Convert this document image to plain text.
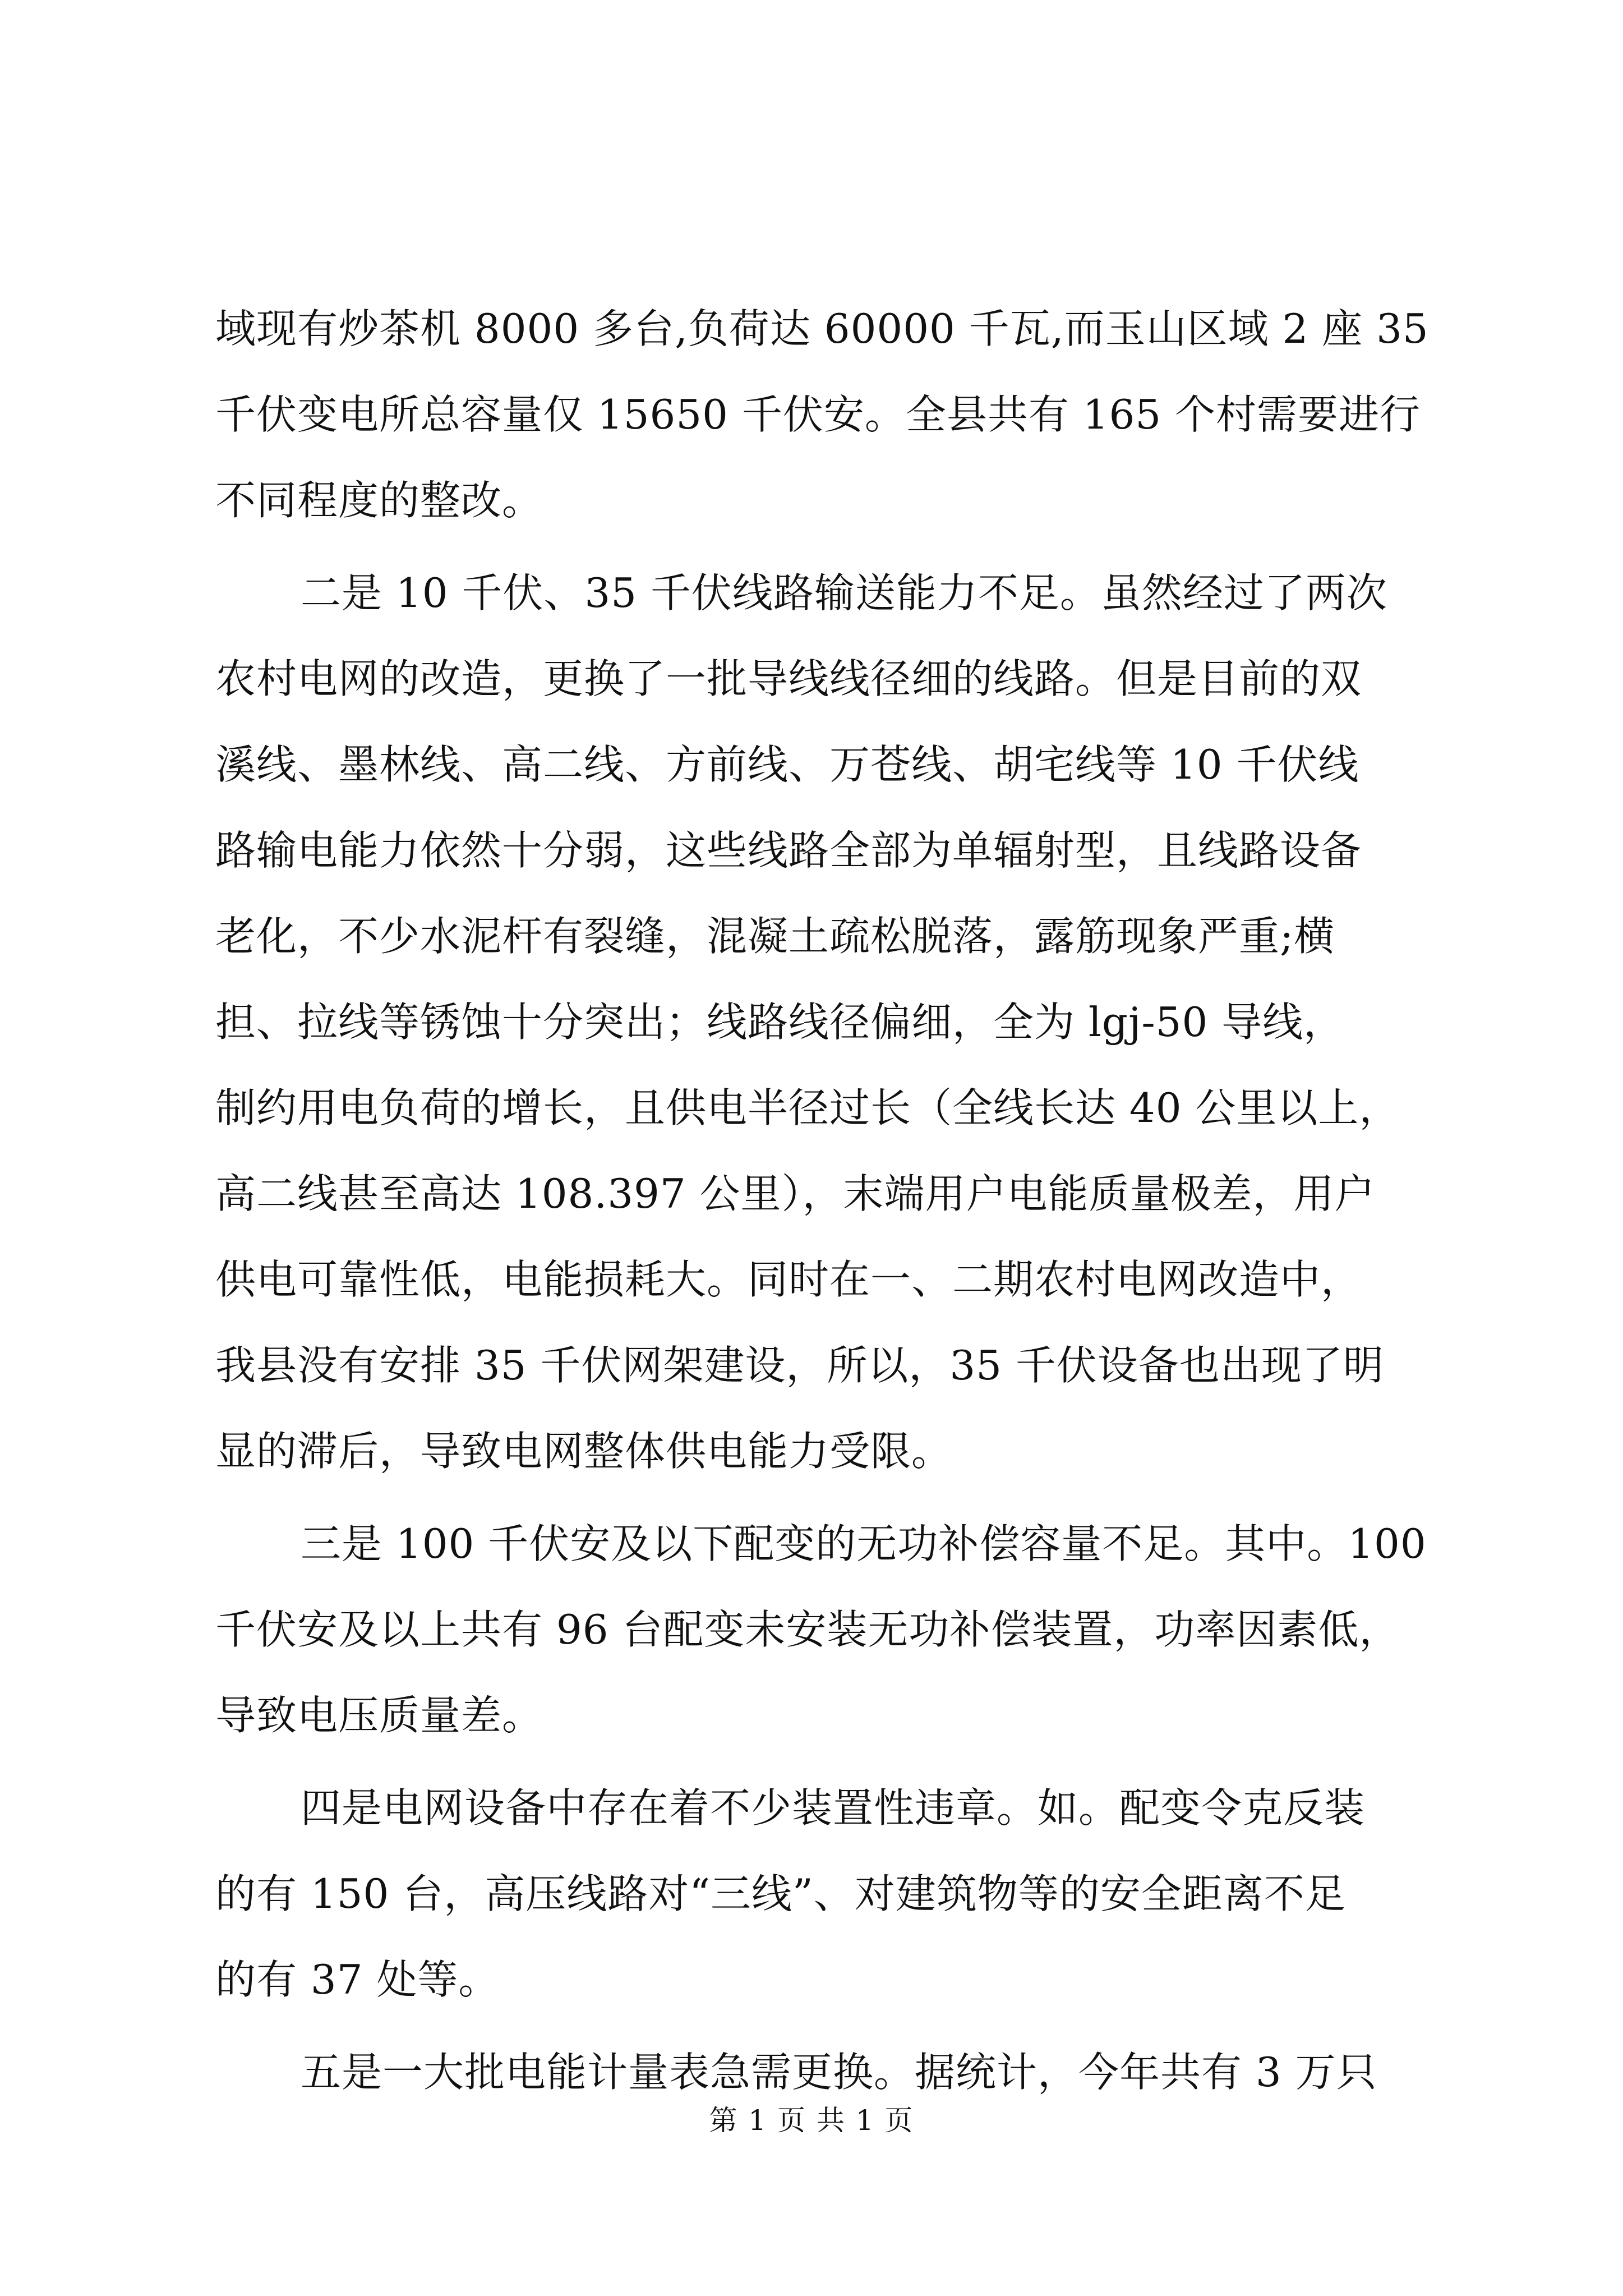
域现有炒茶机 8000 多台,负荷达 60000 千瓦,而玉山区域 2 座 35
千伏变电所总容量仅 15650 千伏安。全县共有 165 个村需要进行
不同程度的整改。
二是 10 千伏、35 千伏线路输送能力不足。虽然经过了两次
农村电网的改造，更换了一批导线线径细的线路。但是目前的双
溪线、墨林线、高二线、方前线、万苍线、胡宅线等 10 千伏线
路输电能力依然十分弱，这些线路全部为单辐射型，且线路设备
老化，不少水泥杆有裂缝，混凝土疏松脱落，露筋现象严重;横
担、拉线等锈蚀十分突出；线路线径偏细，全为 lgj-50 导线，
制约用电负荷的增长，且供电半径过长（全线长达 40 公里以上，
高二线甚至高达 108.397 公里），末端用户电能质量极差，用户
供电可靠性低，电能损耗大。同时在一、二期农村电网改造中，
我县没有安排 35 千伏网架建设，所以，35 千伏设备也出现了明
显的滞后，导致电网整体供电能力受限。
三是 100 千伏安及以下配变的无功补偿容量不足。其中。100
千伏安及以上共有 96 台配变未安装无功补偿装置，功率因素低，
导致电压质量差。
四是电网设备中存在着不少装置性违章。如。配变令克反装
的有 150 台，高压线路对“三线”、对建筑物等的安全距离不足
的有 37 处等。
五是一大批电能计量表急需更换。据统计，今年共有 3 万只
第 1 页 共 1 页
